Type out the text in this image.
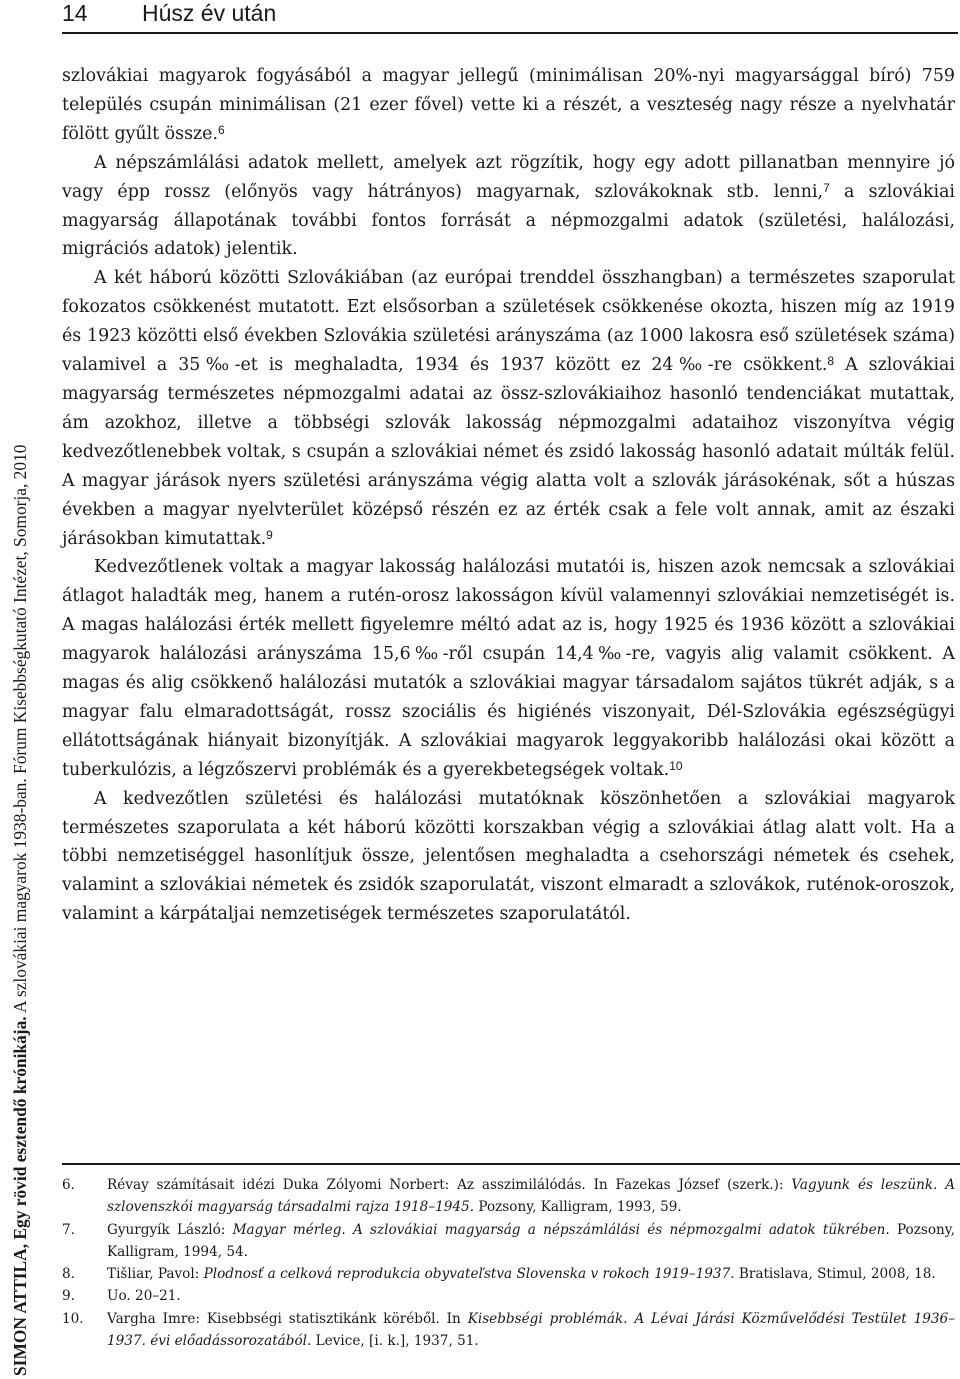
14 Húsz év után
SIMON ATTILA, Egy rövid esztendő krónikája. A szlovákiai magyarok 1938-ban. Fórum Kisebbségkutató Intézet, Somorja, 2010

szlovákiai magyarok fogyásából a magyar jellegű (minimálisan 20%-nyi magyarsággal bíró) 759 település csupán minimálisan (21 ezer fővel) vette ki a részét, a veszteség nagy része a nyelvhatár fölött gyűlt össze.$^6$

A népszámlálási adatok mellett, amelyek azt rögzítik, hogy egy adott pillanatban mennyire jó vagy épp rossz (előnyös vagy hátrányos) magyarnak, szlovákoknak stb. lenni,$^7$ a szlovákiai magyarság állapotának további fontos forrását a népmozgalmi adatok (születési, halálozási, migrációs adatok) jelentik.

A két háború közötti Szlovákiában (az európai trenddel összhangban) a természetes szaporulat fokozatos csökkenést mutatott. Ezt elsősorban a születések csökkenése okozta, hiszen míg az 1919 és 1923 közötti első években Szlovákia születési arányszáma (az 1000 lakosra eső születések száma) valamivel a 35‰-et is meghaladta, 1934 és 1937 között ez 24‰-re csökkent.$^8$ A szlovákiai magyarság természetes népmozgalmi adatai az össz-szlovákiaihoz hasonló tendenciákat mutattak, ám azokhoz, illetve a többségi szlovák lakosság népmozgalmi adataihoz viszonyítva végig kedvezőtlenebbek voltak, s csupán a szlovákiai német és zsidó lakosság hasonló adatait múlták felül. A magyar járások nyers születési arányszáma végig alatta volt a szlovák járásokénak, sőt a húszas években a magyar nyelvterület középső részén ez az érték csak a fele volt annak, amit az északi járásokban kimutattak.$^9$

Kedvezőtlenek voltak a magyar lakosság halálozási mutatói is, hiszen azok nemcsak a szlovákiai átlagot haladták meg, hanem a rutén-orosz lakosságon kívül valamennyi szlovákiai nemzetiségét is. A magas halálozási érték mellett figyelemre méltó adat az is, hogy 1925 és 1936 között a szlovákiai magyarok halálozási arányszáma 15,6‰-ről csupán 14,4‰-re, vagyis alig valamit csökkent. A magas és alig csökkenő halálozási mutatók a szlovákiai magyar társadalom sajátos tükrét adják, s a magyar falu elmaradottságát, rossz szociális és higiénés viszonyait, Dél-Szlovákia egészségügyi ellátottságának hiányait bizonyítják. A szlovákiai magyarok leggyakoribb halálozási okai között a tuberkulózis, a légzőszervi problémák és a gyerekbetegségek voltak.$^{10}$

A kedvezőtlen születési és halálozási mutatóknak köszönhetően a szlovákiai magyarok természetes szaporulata a két háború közötti korszakban végig a szlovákiai átlag alatt volt. Ha a többi nemzetiséggel hasonlítjuk össze, jelentősen meghaladta a csehországi németek és csehek, valamint a szlovákiai németek és zsidók szaporulatát, viszont elmaradt a szlovákok, ruténok-oroszok, valamint a kárpátaljai nemzetiségek természetes szaporulatától.

6.	Révay számításait idézi Duka Zólyomi Norbert: Az asszimilálódás. In Fazekas József (szerk.): Vagyunk és leszünk. A szlovenszkói magyarság társadalmi rajza 1918–1945. Pozsony, Kalligram, 1993, 59.
7.	Gyurgyík László: Magyar mérleg. A szlovákiai magyarság a népszámlálási és népmozgalmi adatok tükrében. Pozsony, Kalligram, 1994, 54.
8.	Tišliar, Pavol: Plodnosť a celková reprodukcia obyvateľstva Slovenska v rokoch 1919–1937. Bratislava, Stimul, 2008, 18.
9.	Uo. 20–21.
10.	Vargha Imre: Kisebbségi statisztikánk köréből. In Kisebbségi problémák. A Lévai Járási Közművelődési Testület 1936–1937. évi előadássorozatából. Levice, [i. k.], 1937, 51.
